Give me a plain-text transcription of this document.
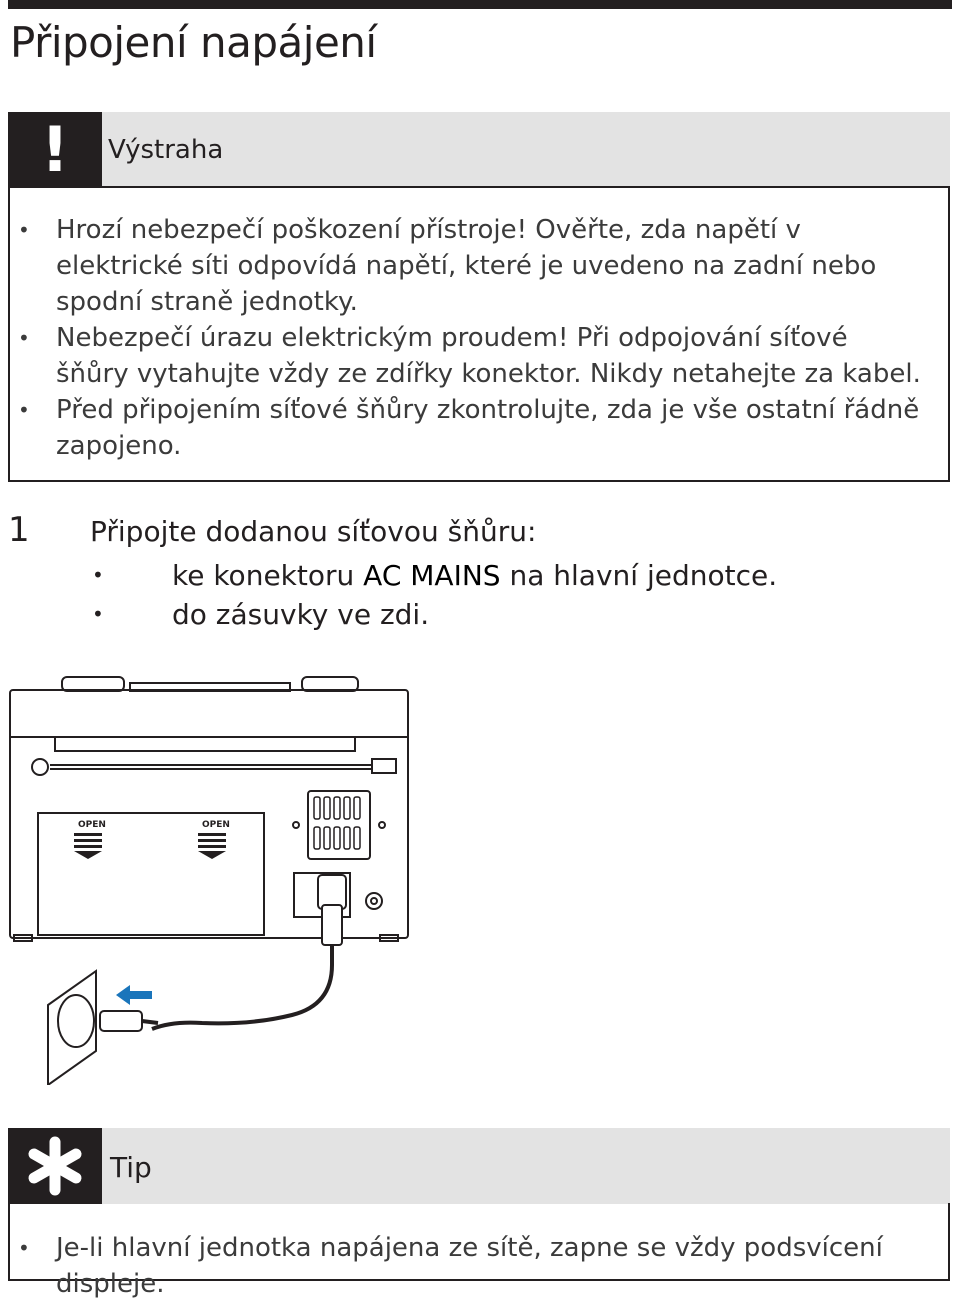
Připojení napájení
!	Výstraha
• Hrozí nebezpečí poškození přístroje! Ověřte, zda napětí v elektrické síti odpovídá napětí, které je uvedeno na zadní nebo spodní straně jednotky.
• Nebezpečí úrazu elektrickým proudem! Při odpojování síťové šňůry vytahujte vždy ze zdířky konektor. Nikdy netahejte za kabel.
• Před připojením síťové šňůry zkontrolujte, zda je vše ostatní řádně zapojeno.
1 Připojte dodanou síťovou šňůru:
• ke konektoru AC MAINS na hlavní jednotce.
• do zásuvky ve zdi.
OPEN	OPEN
Tip
• Je-li hlavní jednotka napájena ze sítě, zapne se vždy podsvícení displeje.
